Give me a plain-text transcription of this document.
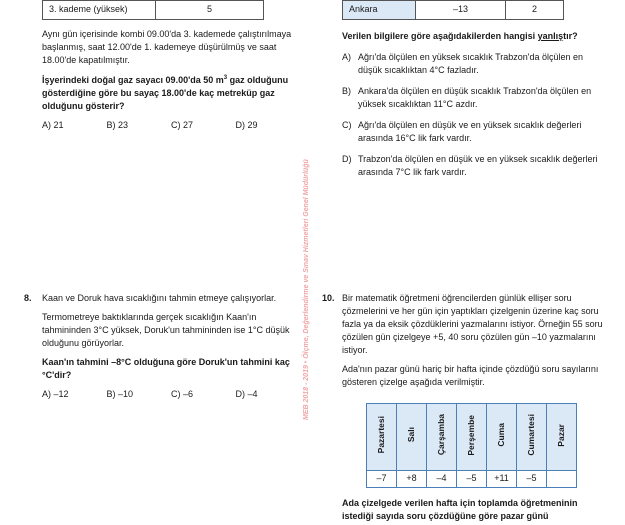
3. kademe (yüksek)	5

Aynı gün içerisinde kombi 09.00'da 3. kademede çalıştırılmaya başlanmış, saat 12.00'de 1. kademeye düşürülmüş ve saat 18.00'de kapatılmıştır.

İşyerindeki doğal gaz sayacı 09.00'da 50 $m^3$ gaz olduğunu gösterdiğine göre bu sayaç 18.00'de kaç metreküp gaz olduğunu gösterir?

A) 21	B) 23	C) 27	D) 29
8. Kaan ve Doruk hava sıcaklığını tahmin etmeye çalışıyorlar.

Termometreye baktıklarında gerçek sıcaklığın Kaan'ın tahmininden 3°C yüksek, Doruk'un tahmininden ise 1°C düşük olduğunu görüyorlar.

Kaan'ın tahmini –8°C olduğuna göre Doruk'un tahmini kaç °C'dir?

A) –12	B) –10	C) –6	D) –4	MEB 2018 - 2019 • Ölçme, Değerlendirme ve Sınav Hizmetleri Genel Müdürlüğü
Ankara	–13	2

Verilen bilgilere göre aşağıdakilerden hangisi yanlıştır?

A) Ağrı'da ölçülen en yüksek sıcaklık Trabzon'da ölçülen en düşük sıcaklıktan 4°C fazladır.
B) Ankara'da ölçülen en düşük sıcaklık Trabzon'da ölçülen en yüksek sıcaklıktan 11°C azdır.
C) Ağrı'da ölçülen en düşük ve en yüksek sıcaklık değerleri arasında 16°C lik fark vardır.
D) Trabzon'da ölçülen en düşük ve en yüksek sıcaklık değerleri arasında 7°C lik fark vardır.
10. Bir matematik öğretmeni öğrencilerden günlük ellişer soru çözmelerini ve her gün için yaptıkları çizelgenin üzerine kaç soru fazla ya da eksik çözdüklerini yazmalarını istiyor. Örneğin 55 soru çözülen gün çizelgeye +5, 40 soru çözülen gün –10 yazmalarını istiyor.

Ada'nın pazar günü hariç bir hafta içinde çözdüğü soru sayılarını gösteren çizelge aşağıda verilmiştir.

Pazartesi	Salı	Çarşamba	Perşembe	Cuma	Cumartesi	Pazar
–7	+8	–4	–5	+11	–5	

Ada çizelgede verilen hafta için toplamda öğretmeninin istediği sayıda soru çözdüğüne göre pazar günü
